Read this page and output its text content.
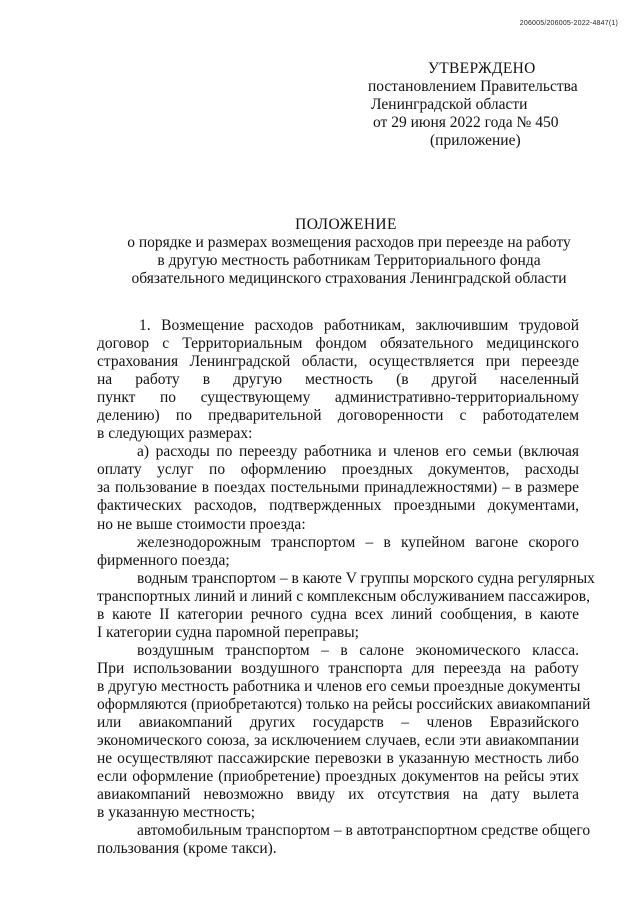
206005/206005-2022-4847(1)
УТВЕРЖДЕНО
постановлением Правительства
Ленинградской области
от 29 июня 2022 года № 450
(приложение)
ПОЛОЖЕНИЕ
о порядке и размерах возмещения расходов при переезде на работу
в другую местность работникам Территориального фонда
обязательного медицинского страхования Ленинградской области
1. Возмещение расходов работникам, заключившим трудовой
договор с Территориальным фондом обязательного медицинского
страхования Ленинградской области, осуществляется при переезде
на работу в другую местность (в другой населенный
пункт по существующему административно-территориальному
делению) по предварительной договоренности с работодателем
в следующих размерах:
а) расходы по переезду работника и членов его семьи (включая
оплату услуг по оформлению проездных документов, расходы
за пользование в поездах постельными принадлежностями) – в размере
фактических расходов, подтвержденных проездными документами,
но не выше стоимости проезда:
железнодорожным транспортом – в купейном вагоне скорого
фирменного поезда;
водным транспортом – в каюте V группы морского судна регулярных
транспортных линий и линий с комплексным обслуживанием пассажиров,
в каюте II категории речного судна всех линий сообщения, в каюте
I категории судна паромной переправы;
воздушным транспортом – в салоне экономического класса.
При использовании воздушного транспорта для переезда на работу
в другую местность работника и членов его семьи проездные документы
оформляются (приобретаются) только на рейсы российских авиакомпаний
или авиакомпаний других государств – членов Евразийского
экономического союза, за исключением случаев, если эти авиакомпании
не осуществляют пассажирские перевозки в указанную местность либо
если оформление (приобретение) проездных документов на рейсы этих
авиакомпаний невозможно ввиду их отсутствия на дату вылета
в указанную местность;
автомобильным транспортом – в автотранспортном средстве общего
пользования (кроме такси).
